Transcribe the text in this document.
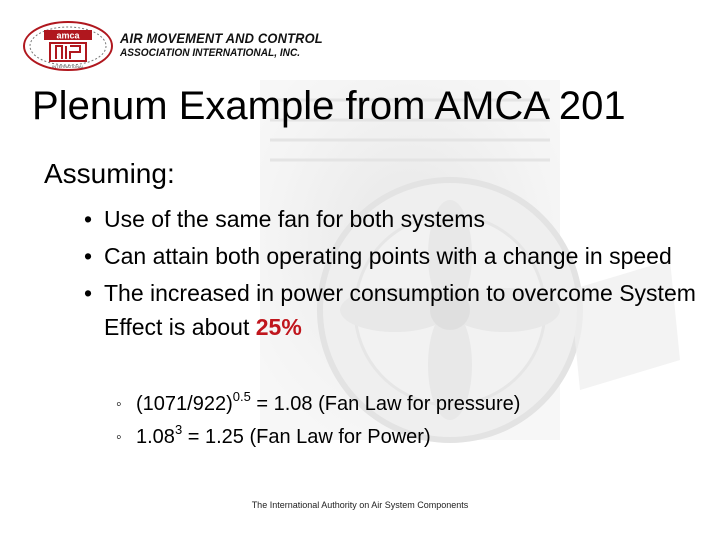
amca
INTERNATIONAL
AIR MOVEMENT AND CONTROL
ASSOCIATION INTERNATIONAL, INC.
Plenum Example from AMCA 201
Assuming:
• Use of the same fan for both systems
• Can attain both operating points with a change in speed
• The increased in power consumption to overcome System Effect is about 25%
◦ $(1071/922)^{0.5} = 1.08$ (Fan Law for pressure)
◦ $1.08^3 = 1.25$ (Fan Law for Power)
The International Authority on Air System Components
